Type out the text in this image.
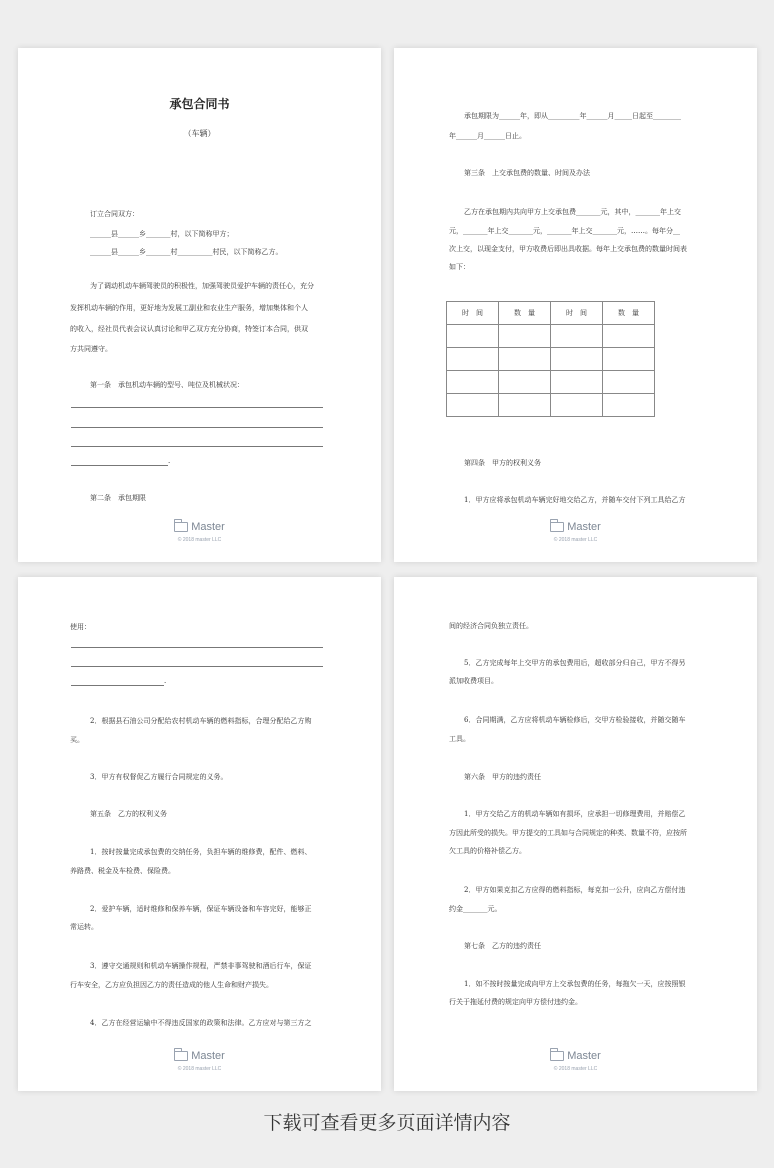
承包合同书
（车辆）
订立合同双方：
______县______乡_______村，以下简称甲方；
______县______乡_______村__________村民，以下简称乙方。
为了调动机动车辆驾驶员的积极性，加强驾驶员爱护车辆的责任心，充分
发挥机动车辆的作用，更好地为发展工副业和农业生产服务，增加集体和个人
的收入，经社员代表会议认真讨论和甲乙双方充分协商，特签订本合同，供双
方共同遵守。
第一条　承包机动车辆的型号、吨位及机械状况：
.
第二条　承包期限
Master
© 2018 master LLC
承包期限为______年，即从_________年______月_____日起至________
年______月______日止。
第三条　上交承包费的数量、时间及办法
乙方在承包期内共向甲方上交承包费_______元，其中，_______年上交
元，_______年上交_______元，_______年上交_______元，……。每年分__
次上交，以现金支付，甲方收费后即出具收据。每年上交承包费的数量时间表
如下：
时　间	数　量	时　间	数　量

第四条　甲方的权利义务
1．甲方应将承包机动车辆完好地交给乙方，并随车交付下列工具给乙方
Master
© 2018 master LLC
使用：
.
2．根据县石油公司分配给农村机动车辆的燃料指标，合理分配给乙方购
买。
3．甲方有权督促乙方履行合同规定的义务。
第五条　乙方的权利义务
1．按时按量完成承包费的交纳任务，负担车辆的维修费，配件、燃料、
养路费、税金及车检费、保险费。
2．爱护车辆，适时维修和保养车辆，保证车辆设备和车容完好，能够正
常运转。
3．遵守交通规则和机动车辆操作规程，严禁非事驾驶和酒后行车，保证
行车安全，乙方应负担因乙方的责任造成的他人生命和财产损失。
4．乙方在经营运输中不得违反国家的政策和法律。乙方应对与第三方之
Master
© 2018 master LLC
间的经济合同负独立责任。
5．乙方完成每年上交甲方的承包费用后，超收部分归自己，甲方不得另
派加收费项目。
6．合同期满，乙方应将机动车辆检修后，交甲方检验接收，并随交随车
工具。
第六条　甲方的违约责任
1．甲方交给乙方的机动车辆如有损坏，应承担一切修理费用，并赔偿乙
方因此所受的损失。甲方提交的工具如与合同规定的种类、数量不符，应按所
欠工具的价格补偿乙方。
2．甲方如果克扣乙方应得的燃料指标，每克扣一公升，应向乙方偿付违
约金_______元。
第七条　乙方的违约责任
1．如不按时按量完成向甲方上交承包费的任务，每拖欠一天，应按照银
行关于拖延付费的规定向甲方偿付违约金。
Master
© 2018 master LLC
下载可查看更多页面详情内容
